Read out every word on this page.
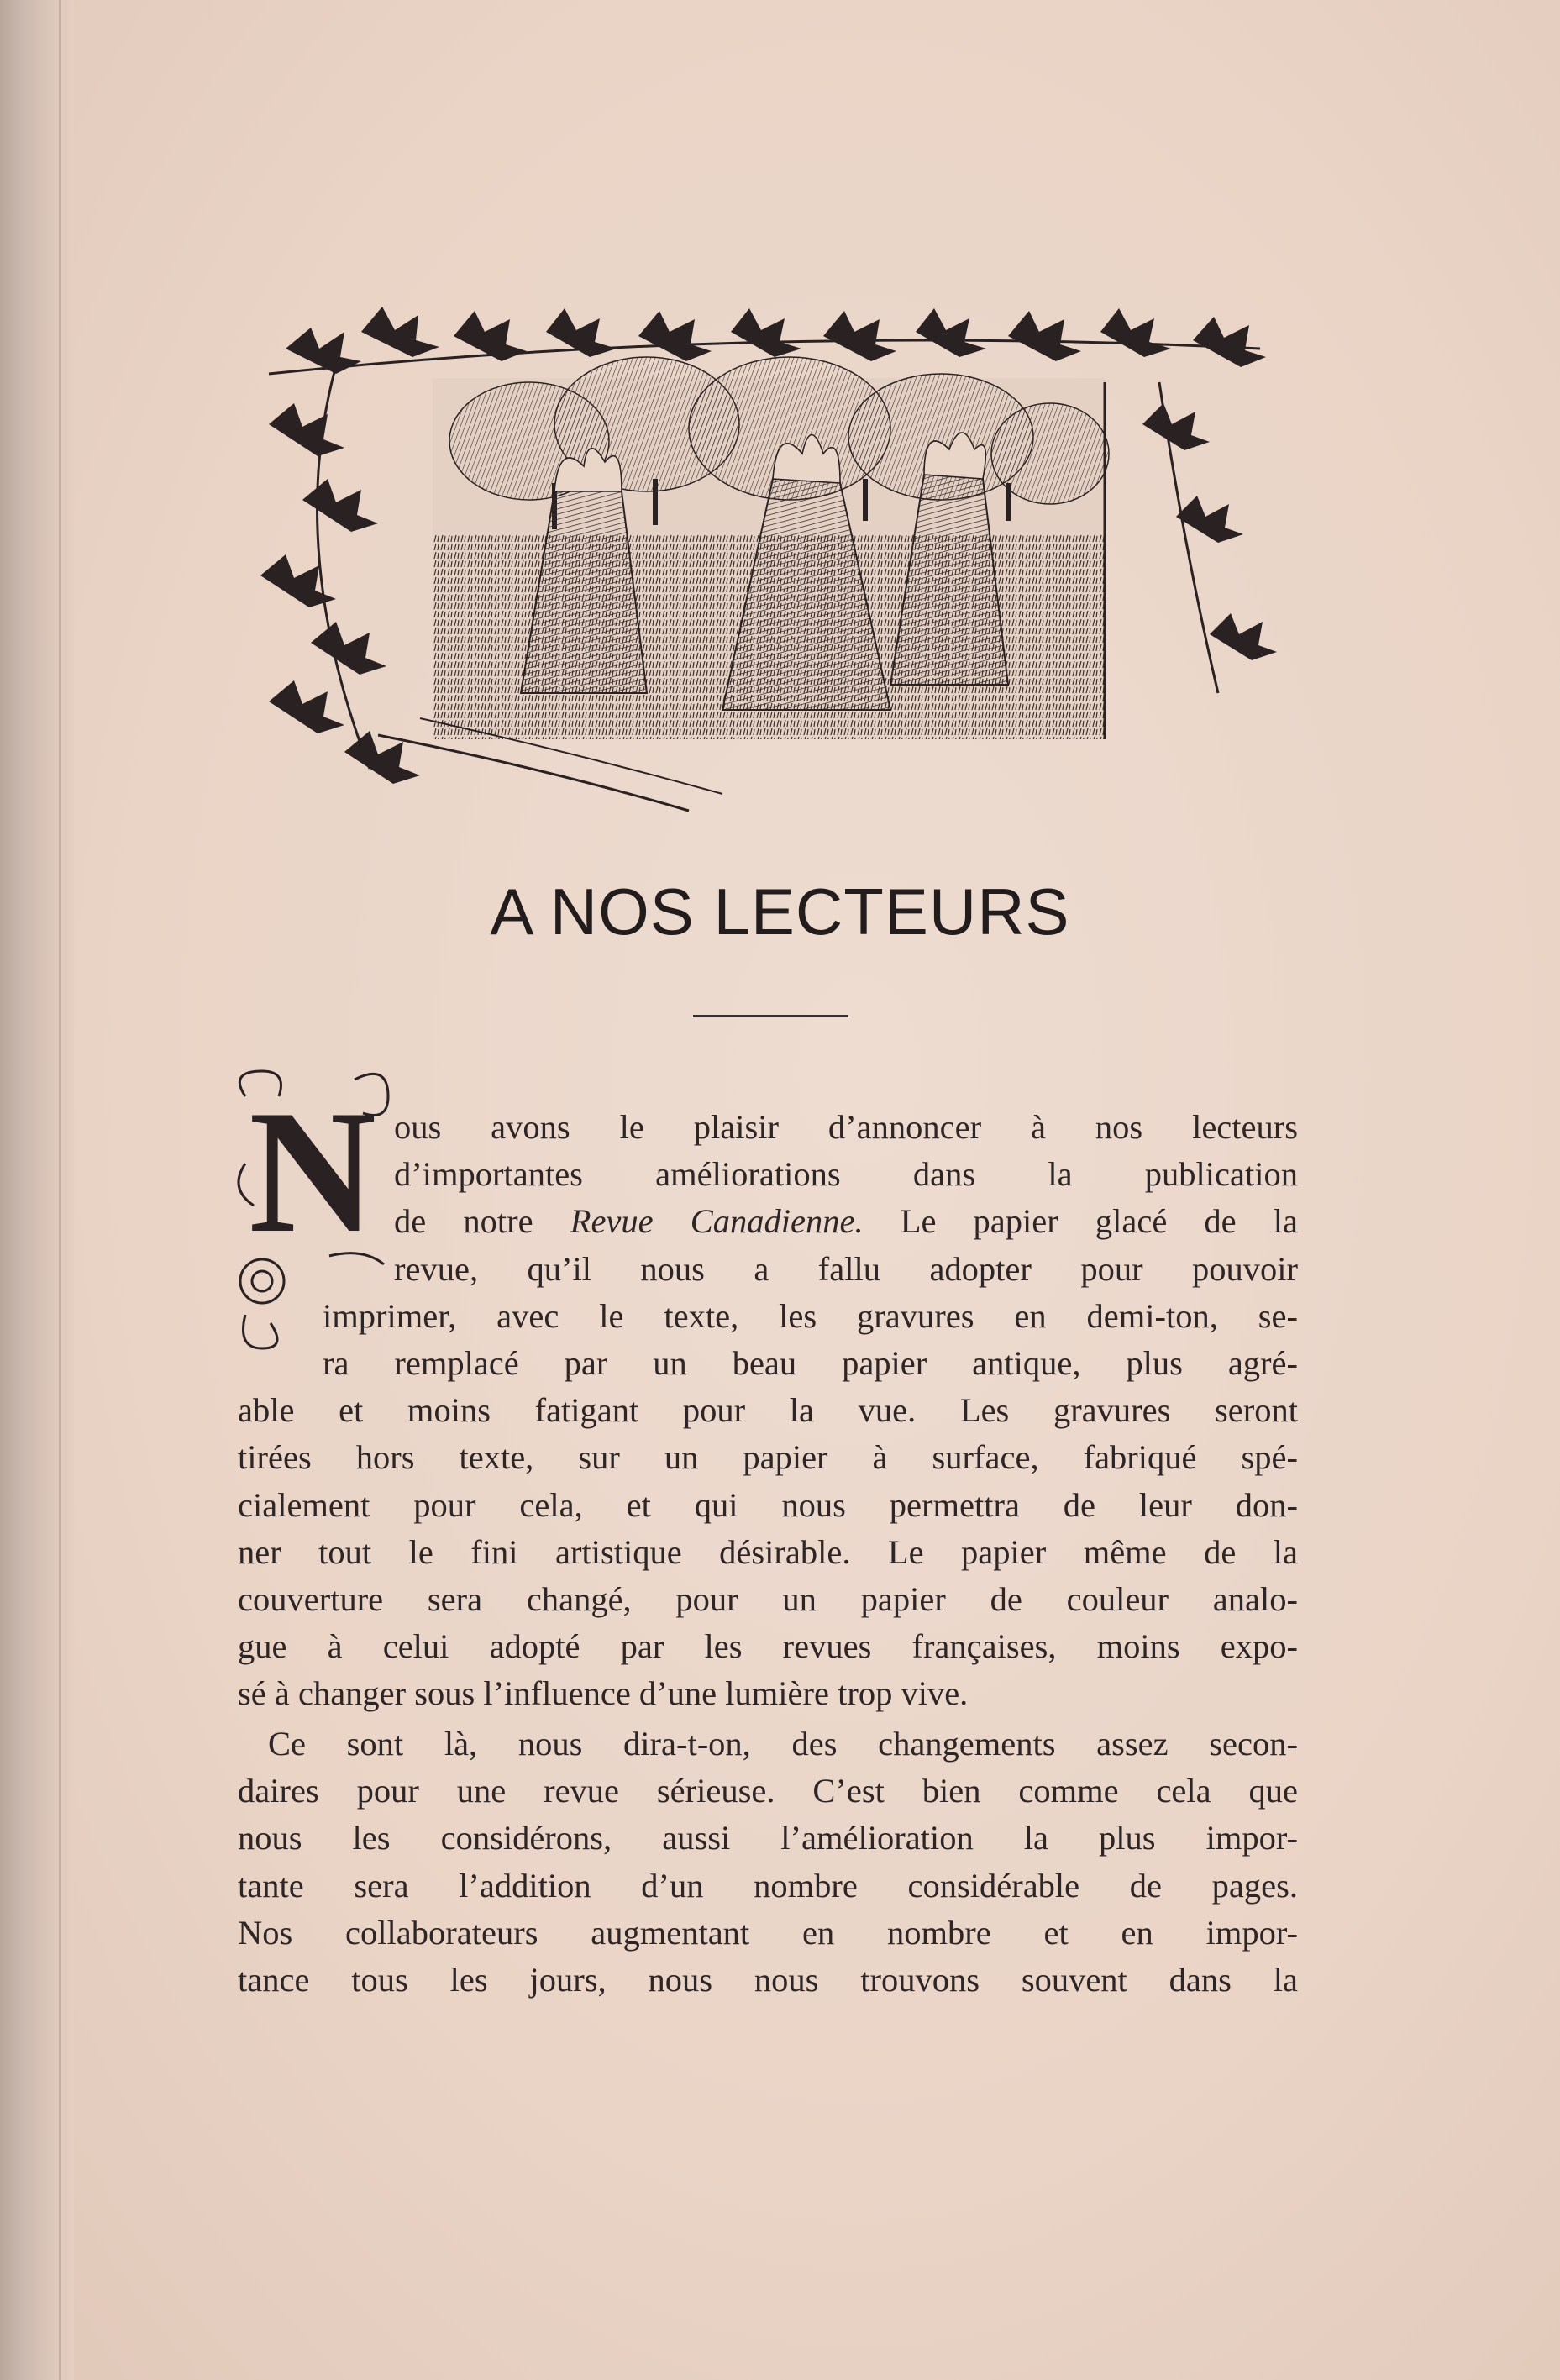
A NOS LECTEURS
N ous avons le plaisir d’annoncer à nos lecteurs
d’importantes améliorations dans la publication
de notre Revue Canadienne. Le papier glacé de la
revue, qu’il nous a fallu adopter pour pouvoir
imprimer, avec le texte, les gravures en demi-ton, se-
ra remplacé par un beau papier antique, plus agré-
able et moins fatigant pour la vue. Les gravures seront
tirées hors texte, sur un papier à surface, fabriqué spé-
cialement pour cela, et qui nous permettra de leur don-
ner tout le fini artistique désirable. Le papier même de la
couverture sera changé, pour un papier de couleur analo-
gue à celui adopté par les revues françaises, moins expo-
sé à changer sous l’influence d’une lumière trop vive.
Ce sont là, nous dira-t-on, des changements assez secon-
daires pour une revue sérieuse. C’est bien comme cela que
nous les considérons, aussi l’amélioration la plus impor-
tante sera l’addition d’un nombre considérable de pages.
Nos collaborateurs augmentant en nombre et en impor-
tance tous les jours, nous nous trouvons souvent dans la
